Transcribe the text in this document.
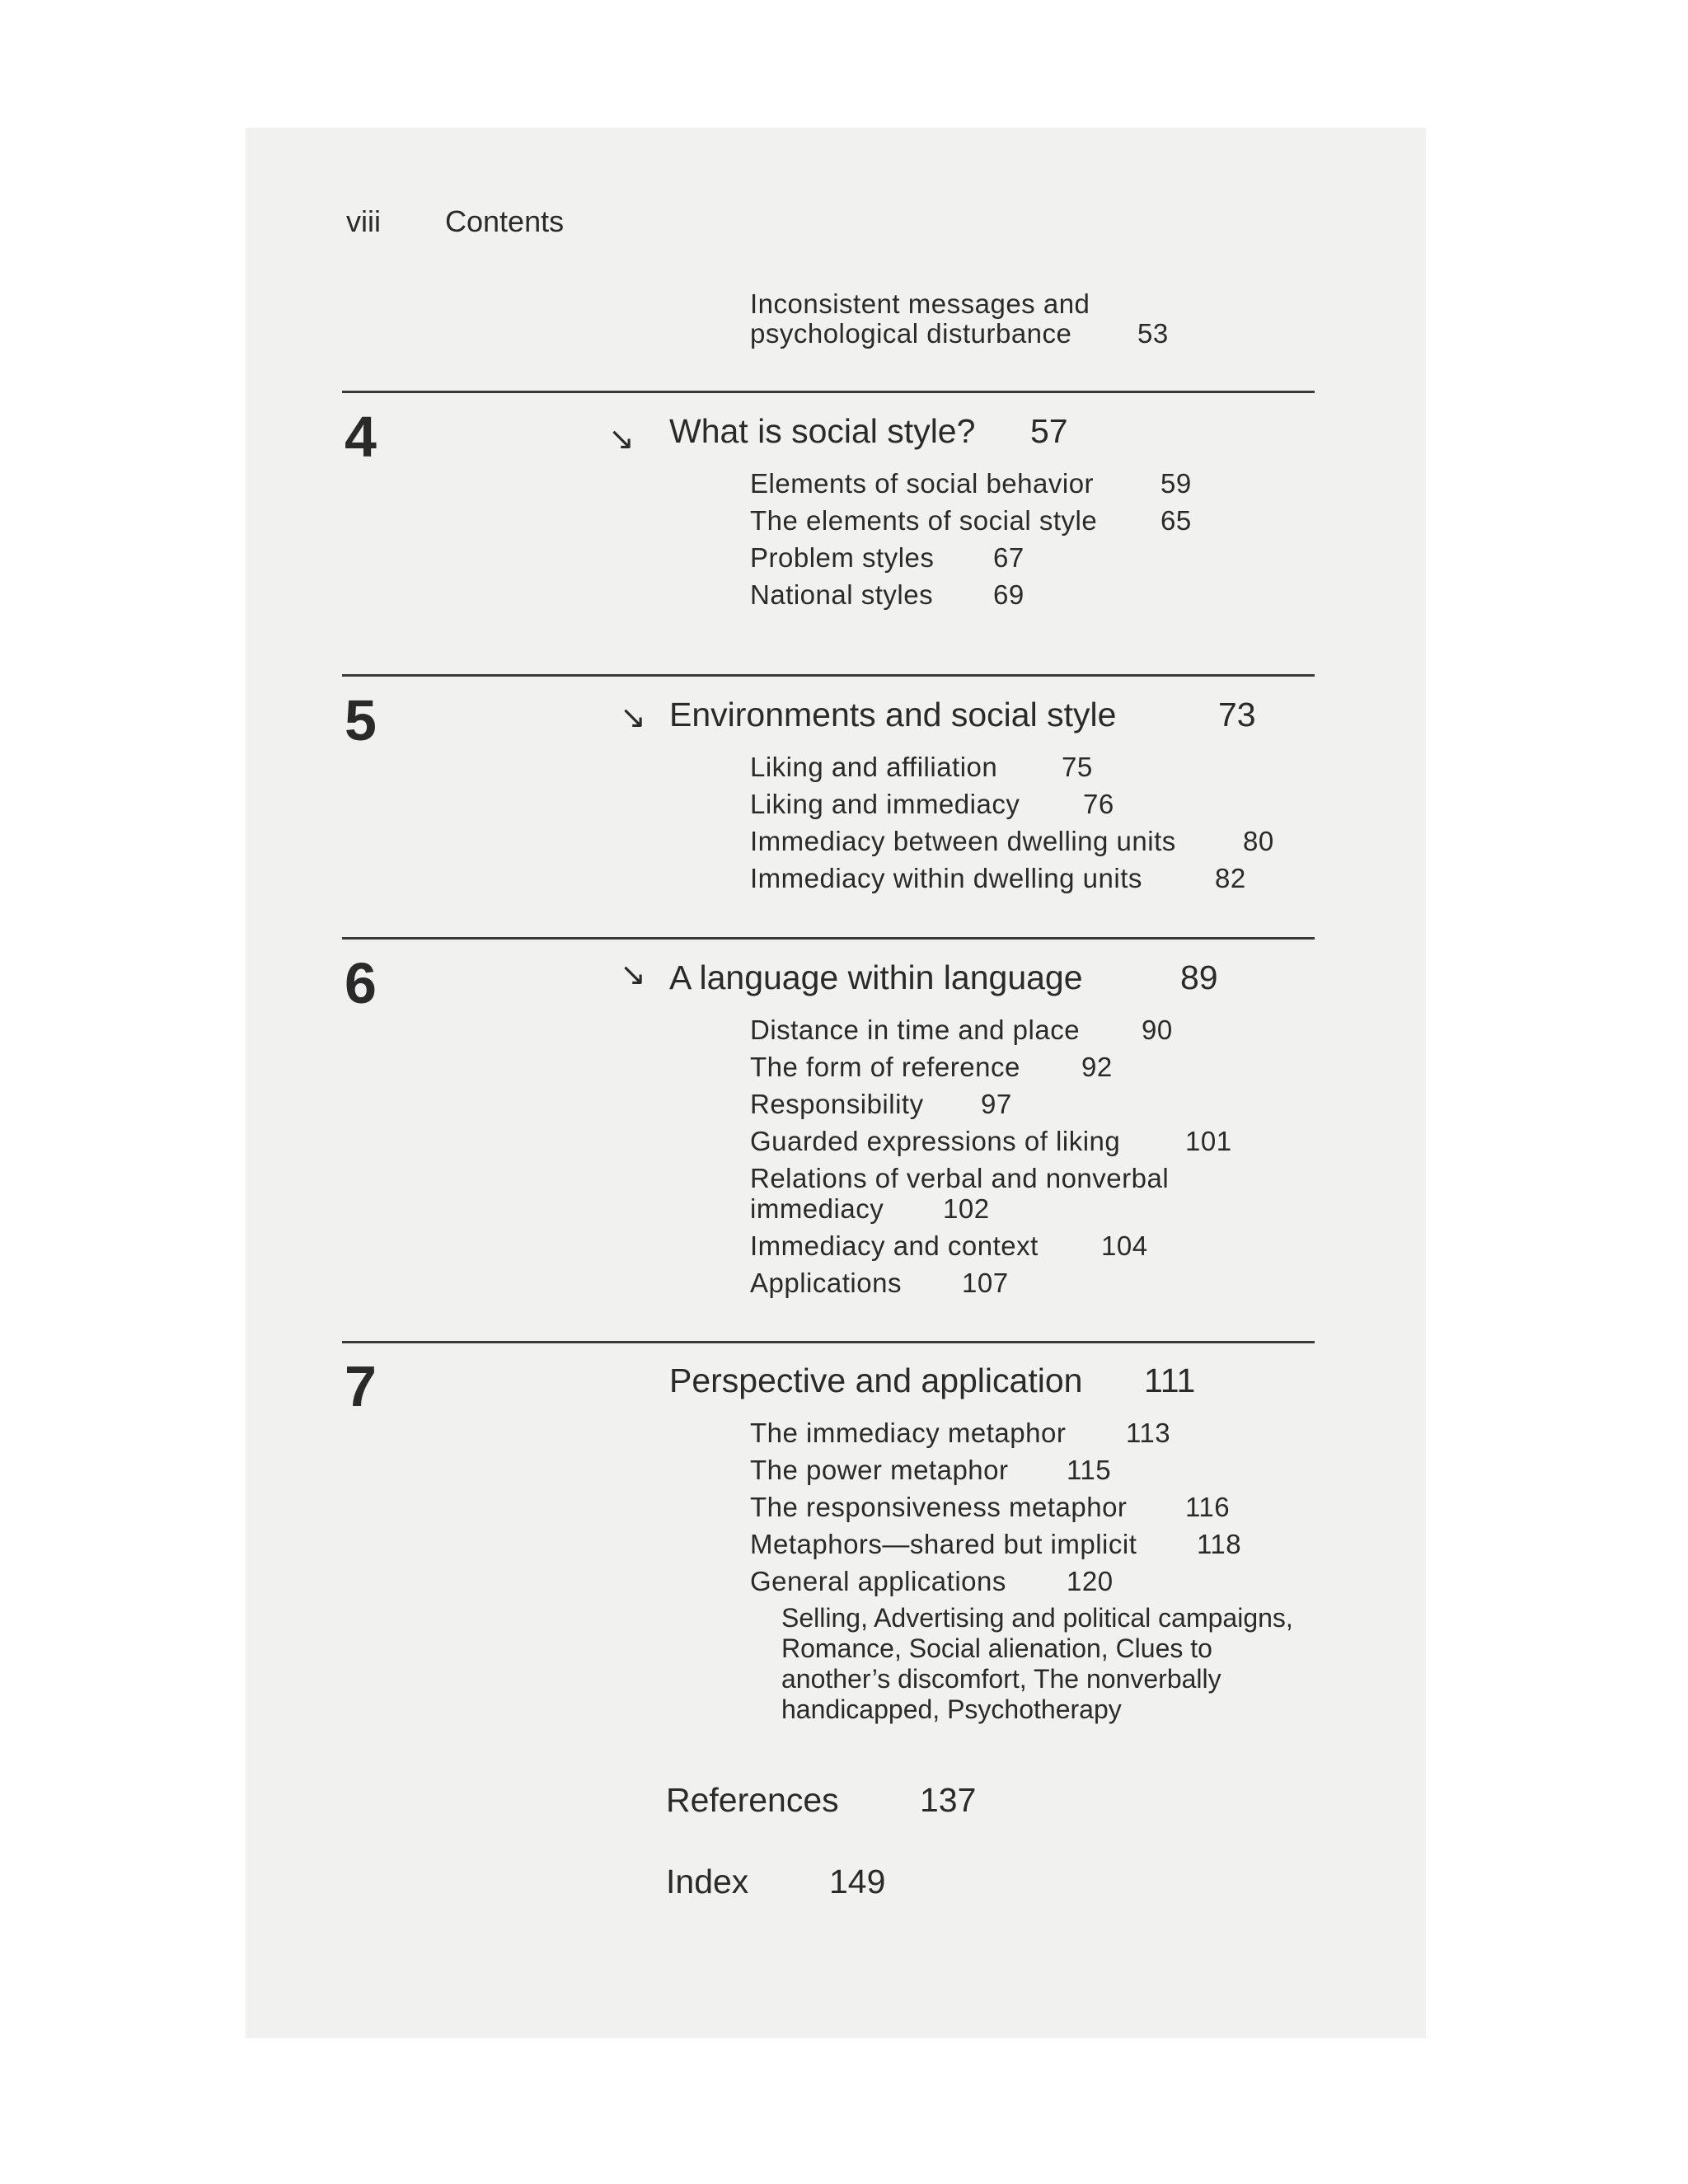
viii Contents
Inconsistent messages and
psychological disturbance 53
4	↘ What is social style? 57
Elements of social behavior 59
The elements of social style 65
Problem styles 67
National styles 69
5	↘ Environments and social style	73
Liking and affiliation 75
Liking and immediacy 76
Immediacy between dwelling units 80
Immediacy within dwelling units	82
6	↘ A language within language	89
Distance in time and place 90
The form of reference 92
Responsibility 97
Guarded expressions of liking 101
Relations of verbal and nonverbal
immediacy 102
Immediacy and context 104
Applications 107
7	Perspective and application 111
The immediacy metaphor 113
The power metaphor 115
The responsiveness metaphor 116
Metaphors—shared but implicit 118
General applications 120
Selling, Advertising and political campaigns, Romance, Social alienation, Clues to another’s discomfort, The nonverbally handicapped, Psychotherapy
References 137
Index 149
